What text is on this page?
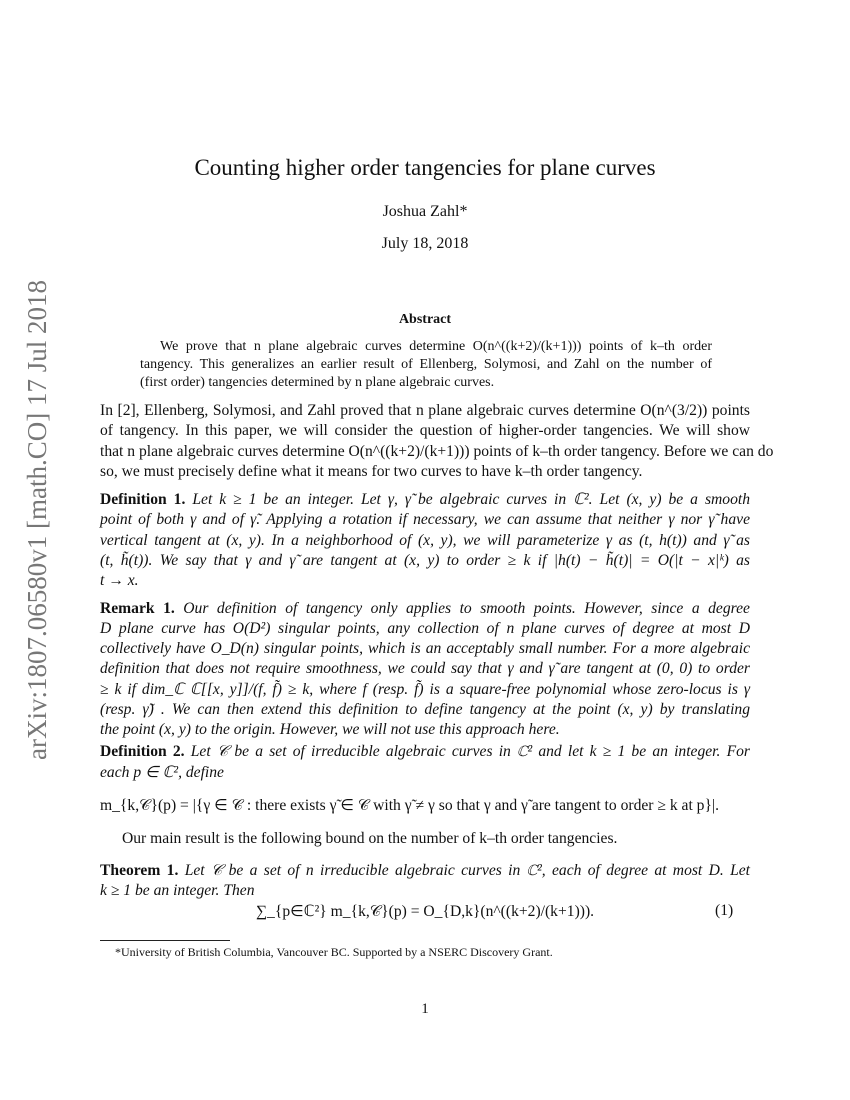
arXiv:1807.06580v1 [math.CO] 17 Jul 2018
Counting higher order tangencies for plane curves
Joshua Zahl*
July 18, 2018
Abstract
We prove that n plane algebraic curves determine O(n^((k+2)/(k+1))) points of k–th order
tangency. This generalizes an earlier result of Ellenberg, Solymosi, and Zahl on the number of
(first order) tangencies determined by n plane algebraic curves.
In [2], Ellenberg, Solymosi, and Zahl proved that n plane algebraic curves determine O(n^(3/2)) points
of tangency. In this paper, we will consider the question of higher-order tangencies. We will show
that n plane algebraic curves determine O(n^((k+2)/(k+1))) points of k–th order tangency. Before we can do
so, we must precisely define what it means for two curves to have k–th order tangency.
Definition 1. Let k ≥ 1 be an integer. Let γ, γ̃ be algebraic curves in ℂ². Let (x, y) be a smooth
point of both γ and of γ̃. Applying a rotation if necessary, we can assume that neither γ nor γ̃ have
vertical tangent at (x, y). In a neighborhood of (x, y), we will parameterize γ as (t, h(t)) and γ̃ as
(t, h̃(t)). We say that γ and γ̃ are tangent at (x, y) to order ≥ k if |h(t) − h̃(t)| = O(|t − x|ᵏ) as
t → x.
Remark 1. Our definition of tangency only applies to smooth points. However, since a degree
D plane curve has O(D²) singular points, any collection of n plane curves of degree at most D
collectively have O_D(n) singular points, which is an acceptably small number. For a more algebraic
definition that does not require smoothness, we could say that γ and γ̃ are tangent at (0, 0) to order
≥ k if dim_ℂ ℂ[[x, y]]/(f, f̃) ≥ k, where f (resp. f̃) is a square-free polynomial whose zero-locus is γ
(resp. γ̃) . We can then extend this definition to define tangency at the point (x, y) by translating
the point (x, y) to the origin. However, we will not use this approach here.
Definition 2. Let 𝒞 be a set of irreducible algebraic curves in ℂ² and let k ≥ 1 be an integer. For
each p ∈ ℂ², define
m_{k,𝒞}(p) = |{γ ∈ 𝒞 : there exists γ̃ ∈ 𝒞 with γ̃ ≠ γ so that γ and γ̃ are tangent to order ≥ k at p}|.
Our main result is the following bound on the number of k–th order tangencies.
Theorem 1. Let 𝒞 be a set of n irreducible algebraic curves in ℂ², each of degree at most D. Let
k ≥ 1 be an integer. Then
∑_{p∈ℂ²} m_{k,𝒞}(p) = O_{D,k}(n^((k+2)/(k+1))).	(1)
*University of British Columbia, Vancouver BC. Supported by a NSERC Discovery Grant.
1
